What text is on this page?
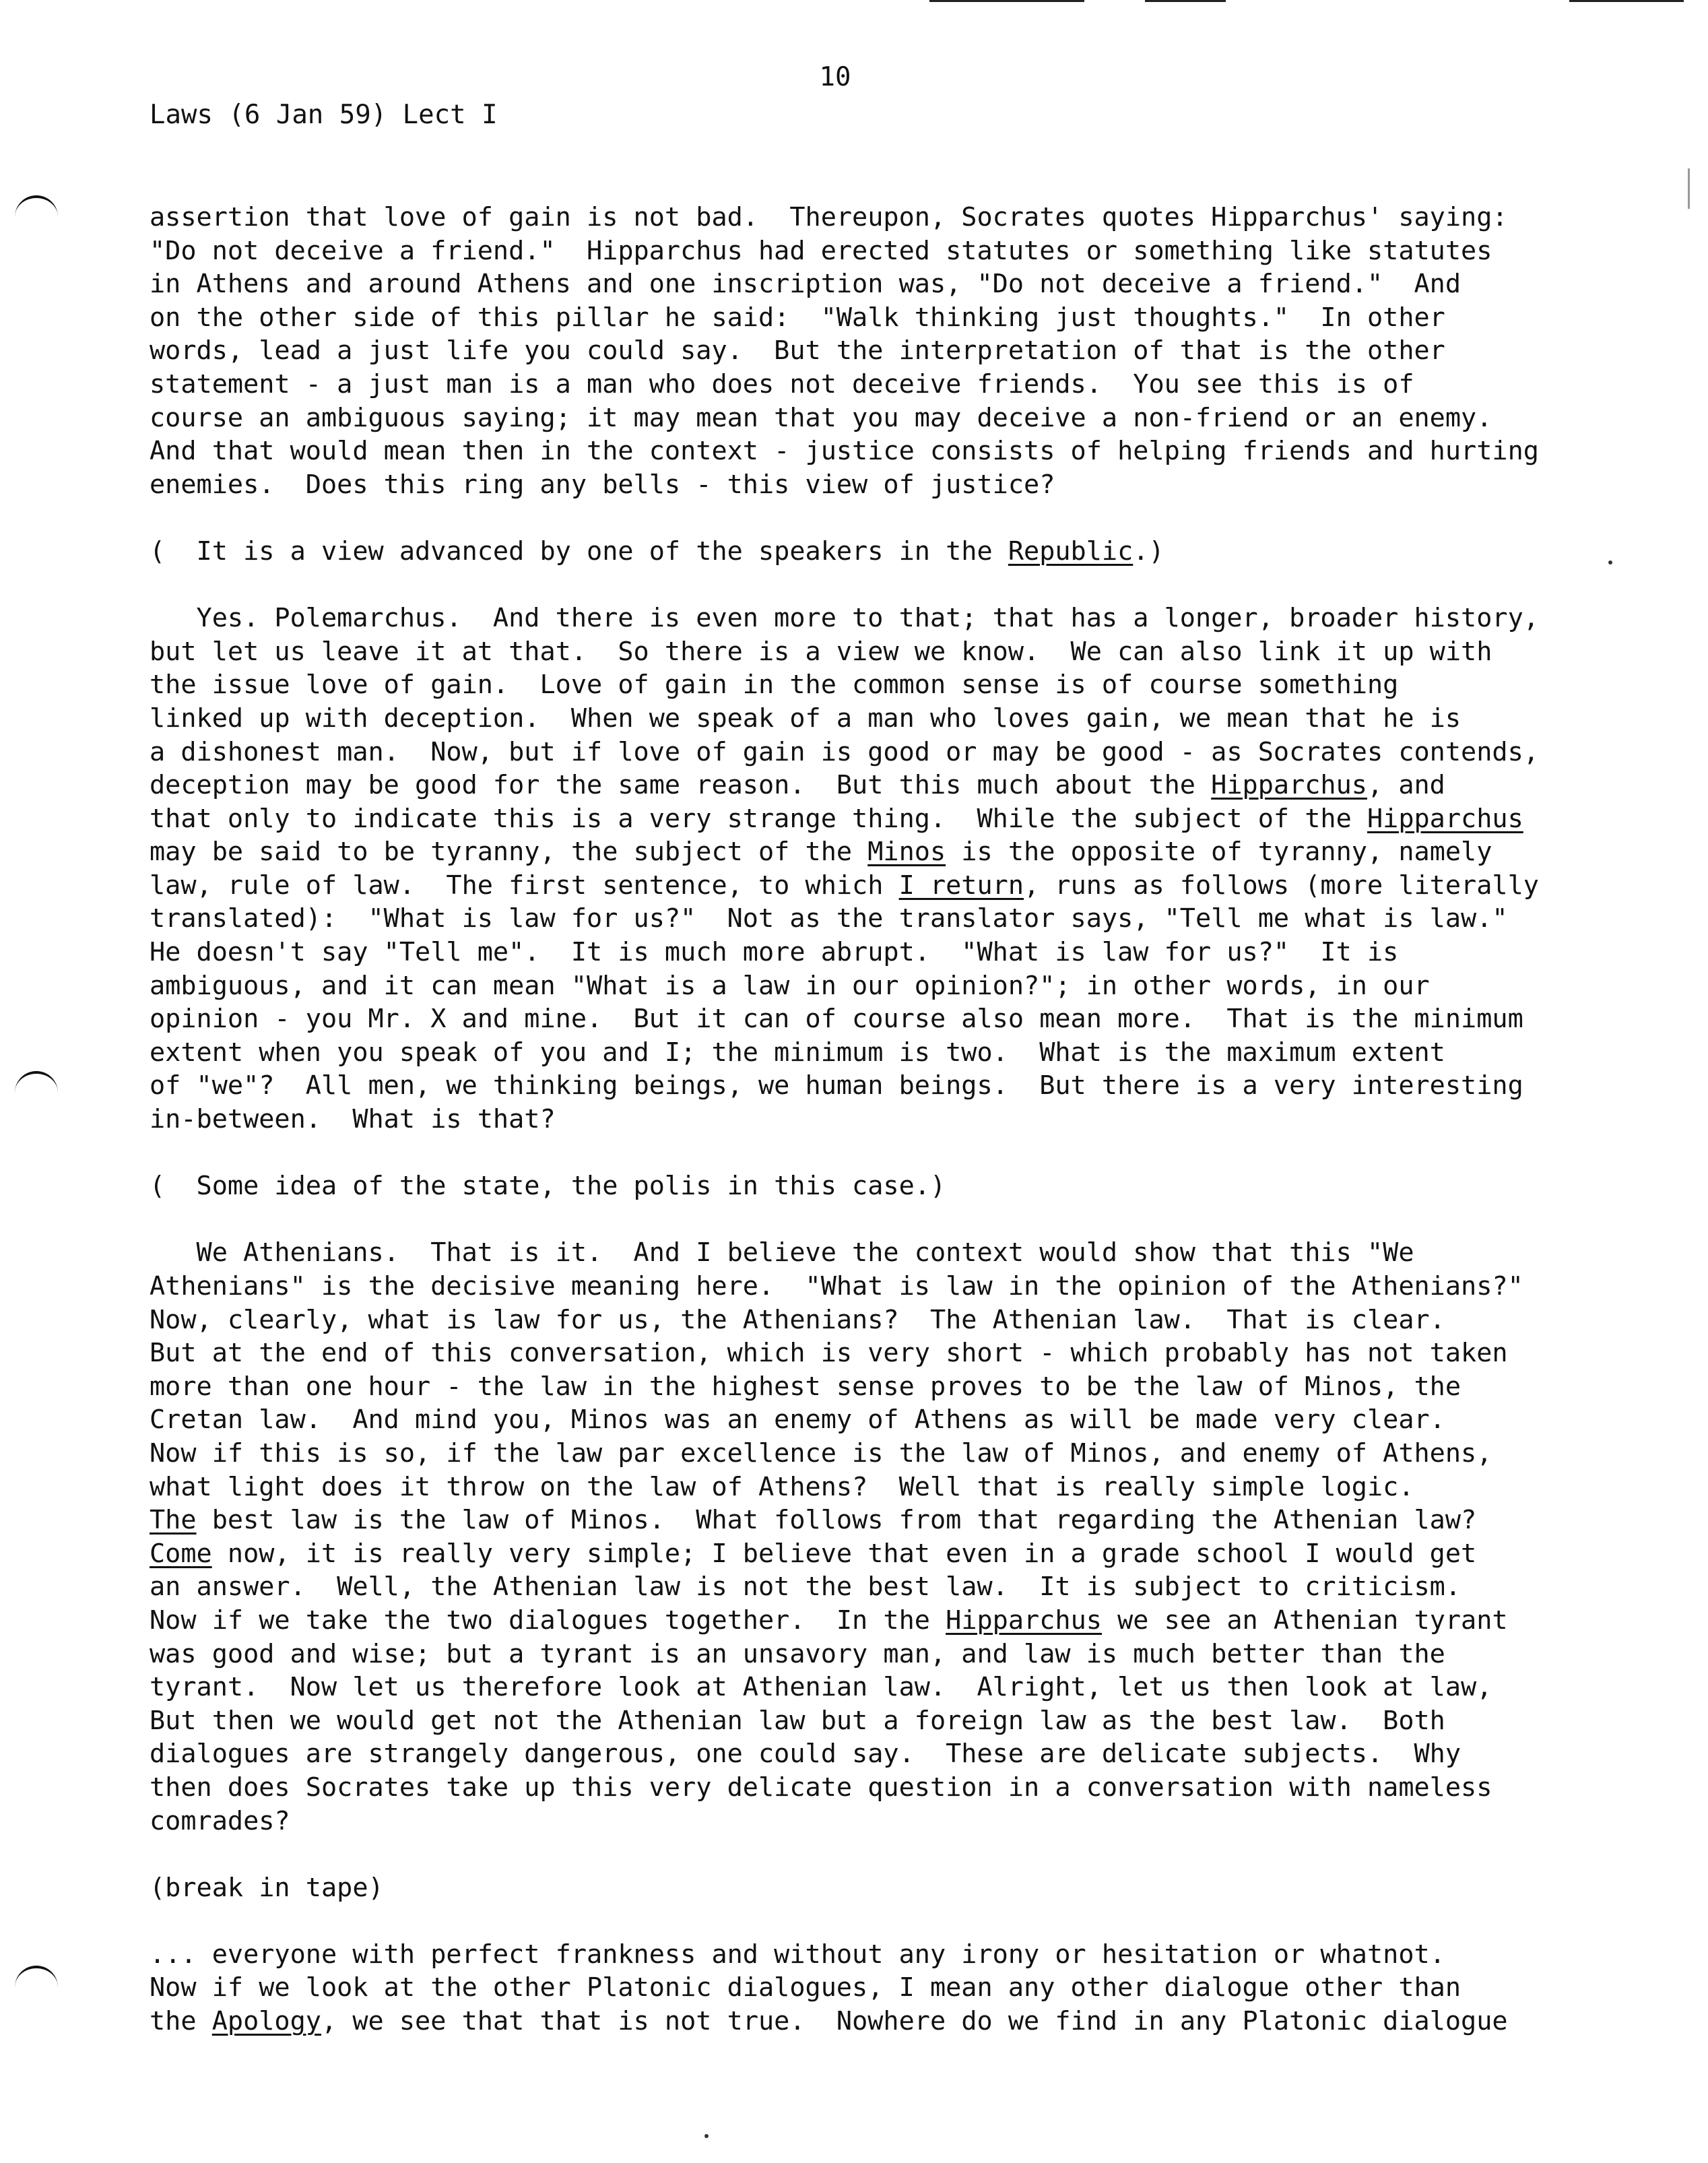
10
Laws (6 Jan 59) Lect I
assertion that love of gain is not bad.  Thereupon, Socrates quotes Hipparchus' saying:
"Do not deceive a friend."  Hipparchus had erected statutes or something like statutes
in Athens and around Athens and one inscription was, "Do not deceive a friend."  And
on the other side of this pillar he said:  "Walk thinking just thoughts."  In other
words, lead a just life you could say.  But the interpretation of that is the other
statement - a just man is a man who does not deceive friends.  You see this is of
course an ambiguous saying; it may mean that you may deceive a non-friend or an enemy.
And that would mean then in the context - justice consists of helping friends and hurting
enemies.  Does this ring any bells - this view of justice?
(  It is a view advanced by one of the speakers in the Republic.)
Yes. Polemarchus.  And there is even more to that; that has a longer, broader history,
but let us leave it at that.  So there is a view we know.  We can also link it up with
the issue love of gain.  Love of gain in the common sense is of course something
linked up with deception.  When we speak of a man who loves gain, we mean that he is
a dishonest man.  Now, but if love of gain is good or may be good - as Socrates contends,
deception may be good for the same reason.  But this much about the Hipparchus, and
that only to indicate this is a very strange thing.  While the subject of the Hipparchus
may be said to be tyranny, the subject of the Minos is the opposite of tyranny, namely
law, rule of law.  The first sentence, to which I return, runs as follows (more literally
translated):  "What is law for us?"  Not as the translator says, "Tell me what is law."
He doesn't say "Tell me".  It is much more abrupt.  "What is law for us?"  It is
ambiguous, and it can mean "What is a law in our opinion?"; in other words, in our
opinion - you Mr. X and mine.  But it can of course also mean more.  That is the minimum
extent when you speak of you and I; the minimum is two.  What is the maximum extent
of "we"?  All men, we thinking beings, we human beings.  But there is a very interesting
in-between.  What is that?
(  Some idea of the state, the polis in this case.)
We Athenians.  That is it.  And I believe the context would show that this "We
Athenians" is the decisive meaning here.  "What is law in the opinion of the Athenians?"
Now, clearly, what is law for us, the Athenians?  The Athenian law.  That is clear.
But at the end of this conversation, which is very short - which probably has not taken
more than one hour - the law in the highest sense proves to be the law of Minos, the
Cretan law.  And mind you, Minos was an enemy of Athens as will be made very clear.
Now if this is so, if the law par excellence is the law of Minos, and enemy of Athens,
what light does it throw on the law of Athens?  Well that is really simple logic.
The best law is the law of Minos.  What follows from that regarding the Athenian law?
Come now, it is really very simple; I believe that even in a grade school I would get
an answer.  Well, the Athenian law is not the best law.  It is subject to criticism.
Now if we take the two dialogues together.  In the Hipparchus we see an Athenian tyrant
was good and wise; but a tyrant is an unsavory man, and law is much better than the
tyrant.  Now let us therefore look at Athenian law.  Alright, let us then look at law,
But then we would get not the Athenian law but a foreign law as the best law.  Both
dialogues are strangely dangerous, one could say.  These are delicate subjects.  Why
then does Socrates take up this very delicate question in a conversation with nameless
comrades?
(break in tape)
... everyone with perfect frankness and without any irony or hesitation or whatnot.
Now if we look at the other Platonic dialogues, I mean any other dialogue other than
the Apology, we see that that is not true.  Nowhere do we find in any Platonic dialogue
